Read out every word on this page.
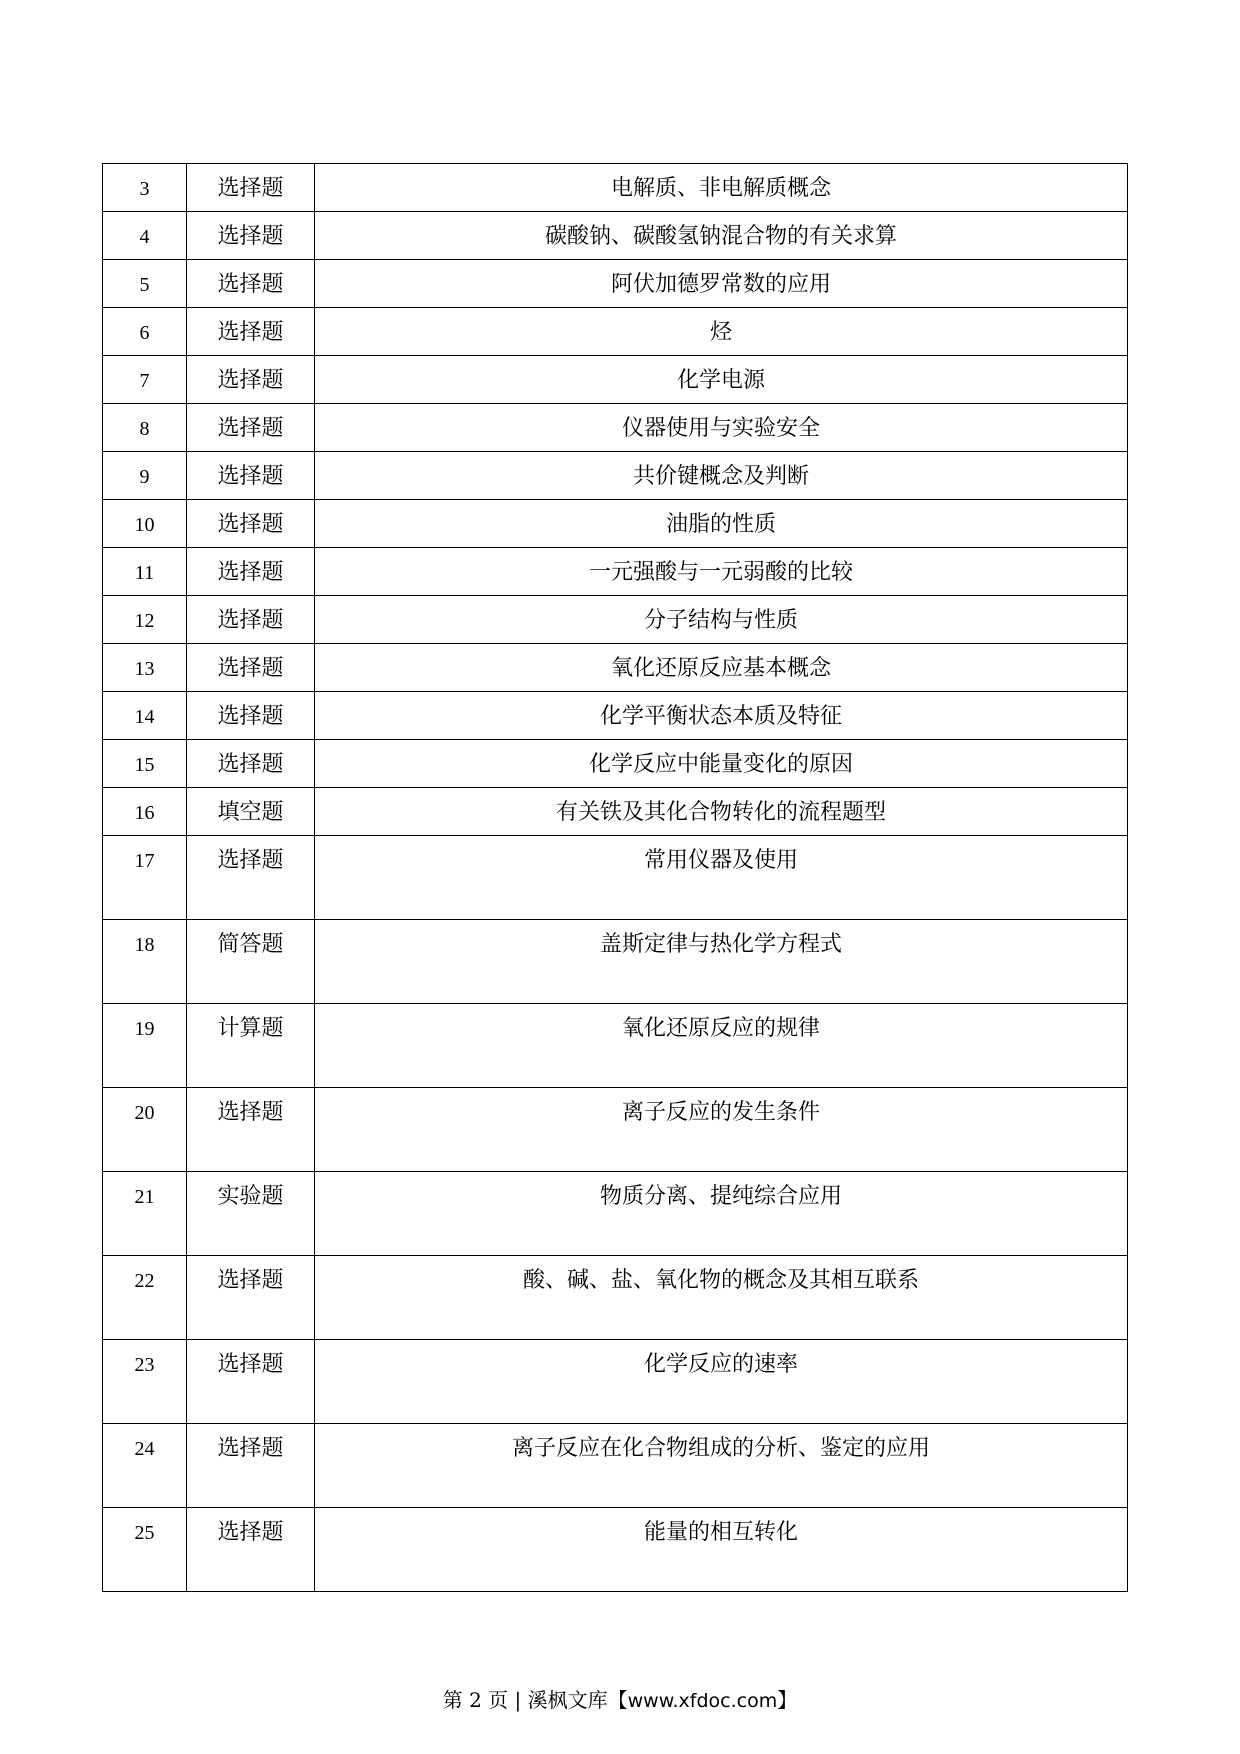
3	选择题	电解质、非电解质概念
4	选择题	碳酸钠、碳酸氢钠混合物的有关求算
5	选择题	阿伏加德罗常数的应用
6	选择题	烃
7	选择题	化学电源
8	选择题	仪器使用与实验安全
9	选择题	共价键概念及判断
10	选择题	油脂的性质
11	选择题	一元强酸与一元弱酸的比较
12	选择题	分子结构与性质
13	选择题	氧化还原反应基本概念
14	选择题	化学平衡状态本质及特征
15	选择题	化学反应中能量变化的原因
16	填空题	有关铁及其化合物转化的流程题型
17	选择题	常用仪器及使用
18	简答题	盖斯定律与热化学方程式
19	计算题	氧化还原反应的规律
20	选择题	离子反应的发生条件
21	实验题	物质分离、提纯综合应用
22	选择题	酸、碱、盐、氧化物的概念及其相互联系
23	选择题	化学反应的速率
24	选择题	离子反应在化合物组成的分析、鉴定的应用
25	选择题	能量的相互转化
第 2 页 | 溪枫文库【www.xfdoc.com】
